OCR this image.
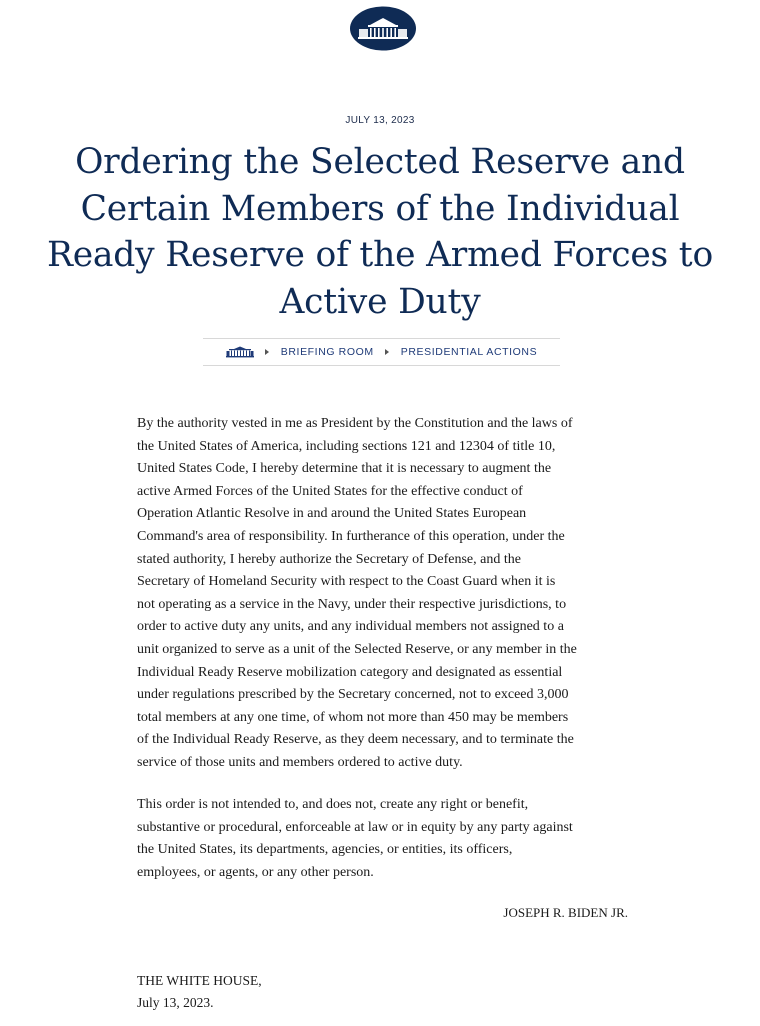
JULY 13, 2023
Ordering the Selected Reserve and
Certain Members of the Individual
Ready Reserve of the Armed Forces to
Active Duty
BRIEFING ROOM	PRESIDENTIAL ACTIONS

By the authority vested in me as President by the Constitution and the laws of
the United States of America, including sections 121 and 12304 of title 10,
United States Code, I hereby determine that it is necessary to augment the
active Armed Forces of the United States for the effective conduct of
Operation Atlantic Resolve in and around the United States European
Command's area of responsibility. In furtherance of this operation, under the
stated authority, I hereby authorize the Secretary of Defense, and the
Secretary of Homeland Security with respect to the Coast Guard when it is
not operating as a service in the Navy, under their respective jurisdictions, to
order to active duty any units, and any individual members not assigned to a
unit organized to serve as a unit of the Selected Reserve, or any member in the
Individual Ready Reserve mobilization category and designated as essential
under regulations prescribed by the Secretary concerned, not to exceed 3,000
total members at any one time, of whom not more than 450 may be members
of the Individual Ready Reserve, as they deem necessary, and to terminate the
service of those units and members ordered to active duty.

This order is not intended to, and does not, create any right or benefit,
substantive or procedural, enforceable at law or in equity by any party against
the United States, its departments, agencies, or entities, its officers,
employees, or agents, or any other person.

JOSEPH R. BIDEN JR.
THE WHITE HOUSE,
July 13, 2023.
